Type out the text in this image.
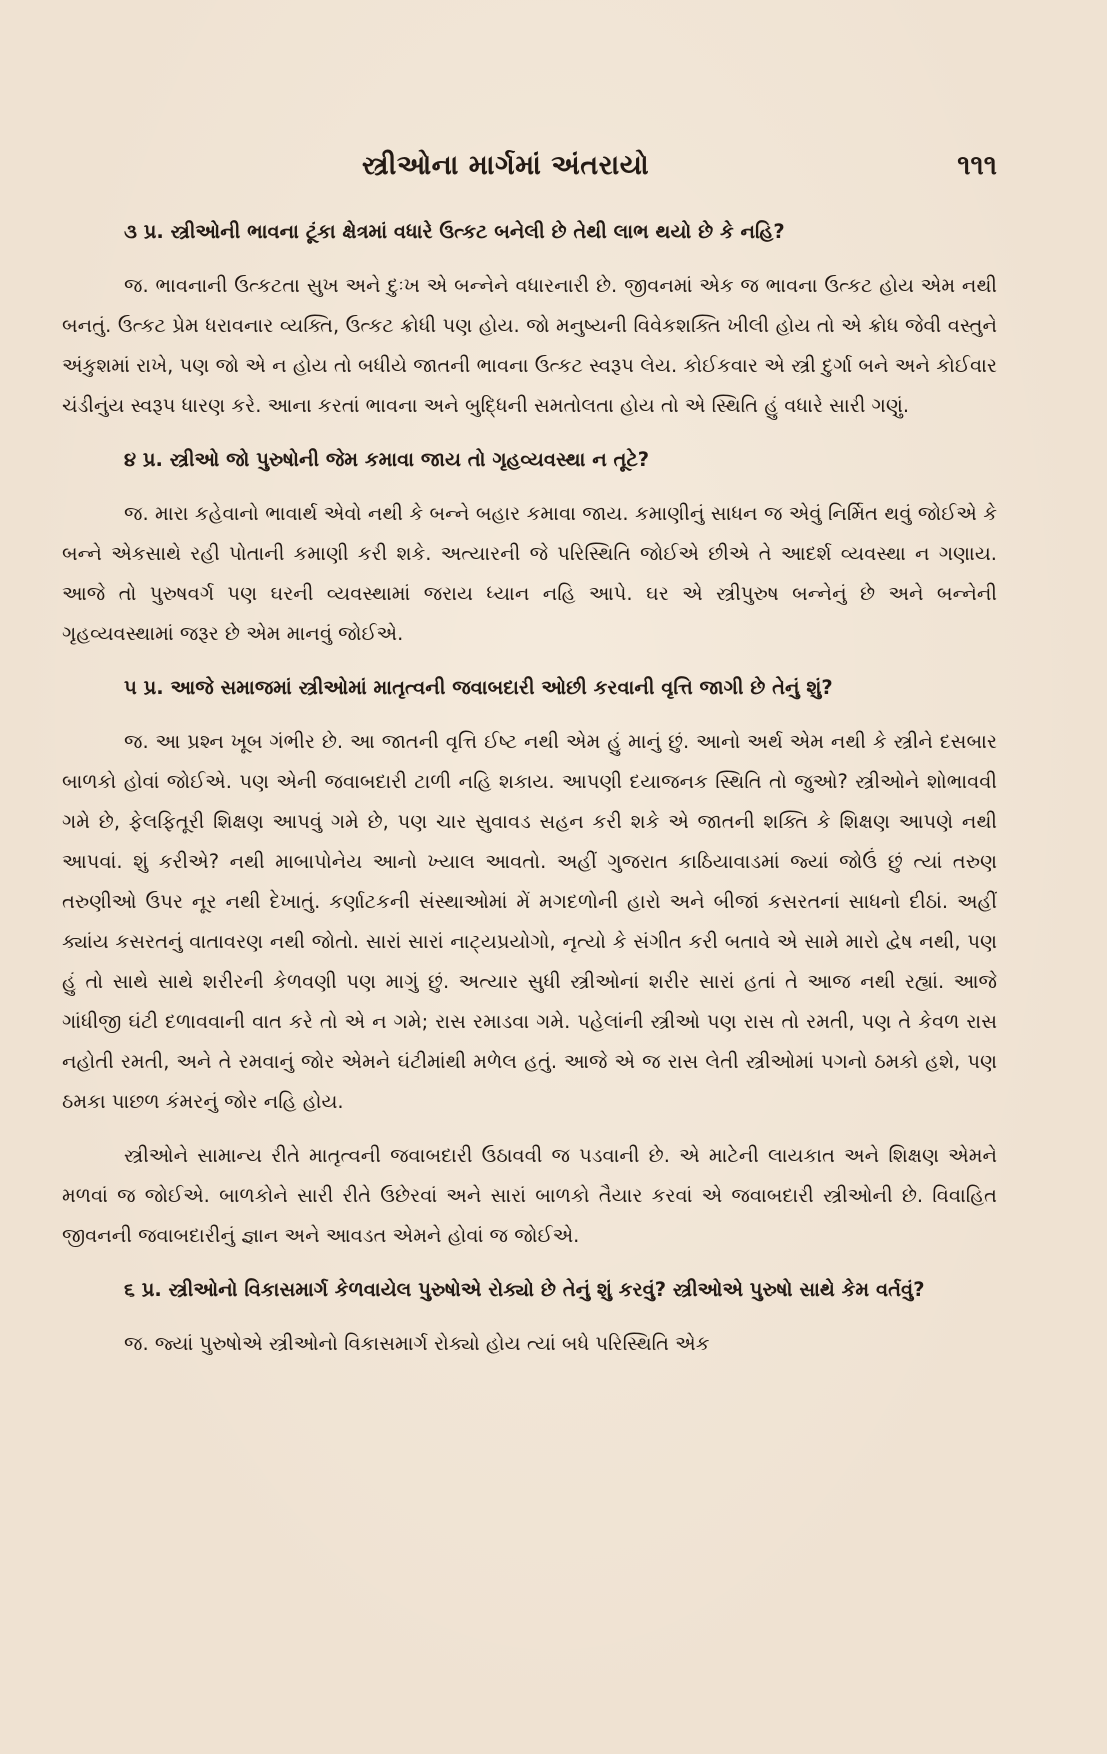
સ્ત્રીઓના માર્ગમાં અંતરાયો	૧૧૧

૩ પ્ર. સ્ત્રીઓની ભાવના ટૂંકા ક્ષેત્રમાં વધારે ઉત્કટ બનેલી છે તેથી લાભ થયો છે કે નહિ?

જ. ભાવનાની ઉત્કટતા સુખ અને દુઃખ એ બન્નેને વધારનારી છે. જીવનમાં એક જ ભાવના ઉત્કટ હોય એમ નથી બનતું. ઉત્કટ પ્રેમ ધરાવનાર વ્યક્તિ, ઉત્કટ ક્રોધી પણ હોય. જો મનુષ્યની વિવેકશક્તિ ખીલી હોય તો એ ક્રોધ જેવી વસ્તુને અંકુશમાં રાખે, પણ જો એ ન હોય તો બધીયે જાતની ભાવના ઉત્કટ સ્વરૂપ લેય. કોઈકવાર એ સ્ત્રી દુર્ગા બને અને કોઈવાર ચંડીનુંય સ્વરૂપ ધારણ કરે. આના કરતાં ભાવના અને બુદ્ધિની સમતોલતા હોય તો એ સ્થિતિ હું વધારે સારી ગણું.

૪ પ્ર. સ્ત્રીઓ જો પુરુષોની જેમ કમાવા જાય તો ગૃહવ્યવસ્થા ન તૂટે?

જ. મારા કહેવાનો ભાવાર્થ એવો નથી કે બન્ને બહાર કમાવા જાય. કમાણીનું સાધન જ એવું નિર્મિત થવું જોઈએ કે બન્ને એકસાથે રહી પોતાની કમાણી કરી શકે. અત્યારની જે પરિસ્થિતિ જોઈએ છીએ તે આદર્શ વ્યવસ્થા ન ગણાય. આજે તો પુરુષવર્ગ પણ ઘરની વ્યવસ્થામાં જરાય ધ્યાન નહિ આપે. ઘર એ સ્ત્રીપુરુષ બન્નેનું છે અને બન્નેની ગૃહવ્યવસ્થામાં જરૂર છે એમ માનવું જોઈએ.

૫ પ્ર. આજે સમાજમાં સ્ત્રીઓમાં માતૃત્વની જવાબદારી ઓછી કરવાની વૃત્તિ જાગી છે તેનું શું?

જ. આ પ્રશ્ન ખૂબ ગંભીર છે. આ જાતની વૃત્તિ ઈષ્ટ નથી એમ હું માનું છું. આનો અર્થ એમ નથી કે સ્ત્રીને દસબાર બાળકો હોવાં જોઈએ. પણ એની જવાબદારી ટાળી નહિ શકાય. આપણી દયાજનક સ્થિતિ તો જુઓ? સ્ત્રીઓને શોભાવવી ગમે છે, ફેલફિતૂરી શિક્ષણ આપવું ગમે છે, પણ ચાર સુવાવડ સહન કરી શકે એ જાતની શક્તિ કે શિક્ષણ આપણે નથી આપવાં. શું કરીએ? નથી માબાપોનેય આનો ખ્યાલ આવતો. અહીં ગુજરાત કાઠિયાવાડમાં જ્યાં જોઉં છું ત્યાં તરુણ તરુણીઓ ઉપર નૂર નથી દેખાતું. કર્ણાટકની સંસ્થાઓમાં મેં મગદળોની હારો અને બીજાં કસરતનાં સાધનો દીઠાં. અહીં ક્યાંય કસરતનું વાતાવરણ નથી જોતો. સારાં સારાં નાટ્યપ્રયોગો, નૃત્યો કે સંગીત કરી બતાવે એ સામે મારો દ્વેષ નથી, પણ હું તો સાથે સાથે શરીરની કેળવણી પણ માગું છું. અત્યાર સુધી સ્ત્રીઓનાં શરીર સારાં હતાં તે આજ નથી રહ્યાં. આજે ગાંધીજી ઘંટી દળાવવાની વાત કરે તો એ ન ગમે; રાસ રમાડવા ગમે. પહેલાંની સ્ત્રીઓ પણ રાસ તો રમતી, પણ તે કેવળ રાસ નહોતી રમતી, અને તે રમવાનું જોર એમને ઘંટીમાંથી મળેલ હતું. આજે એ જ રાસ લેતી સ્ત્રીઓમાં પગનો ઠમકો હશે, પણ ઠમકા પાછળ કંમરનું જોર નહિ હોય.

સ્ત્રીઓને સામાન્ય રીતે માતૃત્વની જવાબદારી ઉઠાવવી જ પડવાની છે. એ માટેની લાયકાત અને શિક્ષણ એમને મળવાં જ જોઈએ. બાળકોને સારી રીતે ઉછેરવાં અને સારાં બાળકો તૈયાર કરવાં એ જવાબદારી સ્ત્રીઓની છે. વિવાહિત જીવનની જવાબદારીનું જ્ઞાન અને આવડત એમને હોવાં જ જોઈએ.

૬ પ્ર. સ્ત્રીઓનો વિકાસમાર્ગ કેળવાયેલ પુરુષોએ રોક્યો છે તેનું શું કરવું? સ્ત્રીઓએ પુરુષો સાથે કેમ વર્તવું?

જ. જ્યાં પુરુષોએ સ્ત્રીઓનો વિકાસમાર્ગ રોક્યો હોય ત્યાં બધે પરિસ્થિતિ એક
